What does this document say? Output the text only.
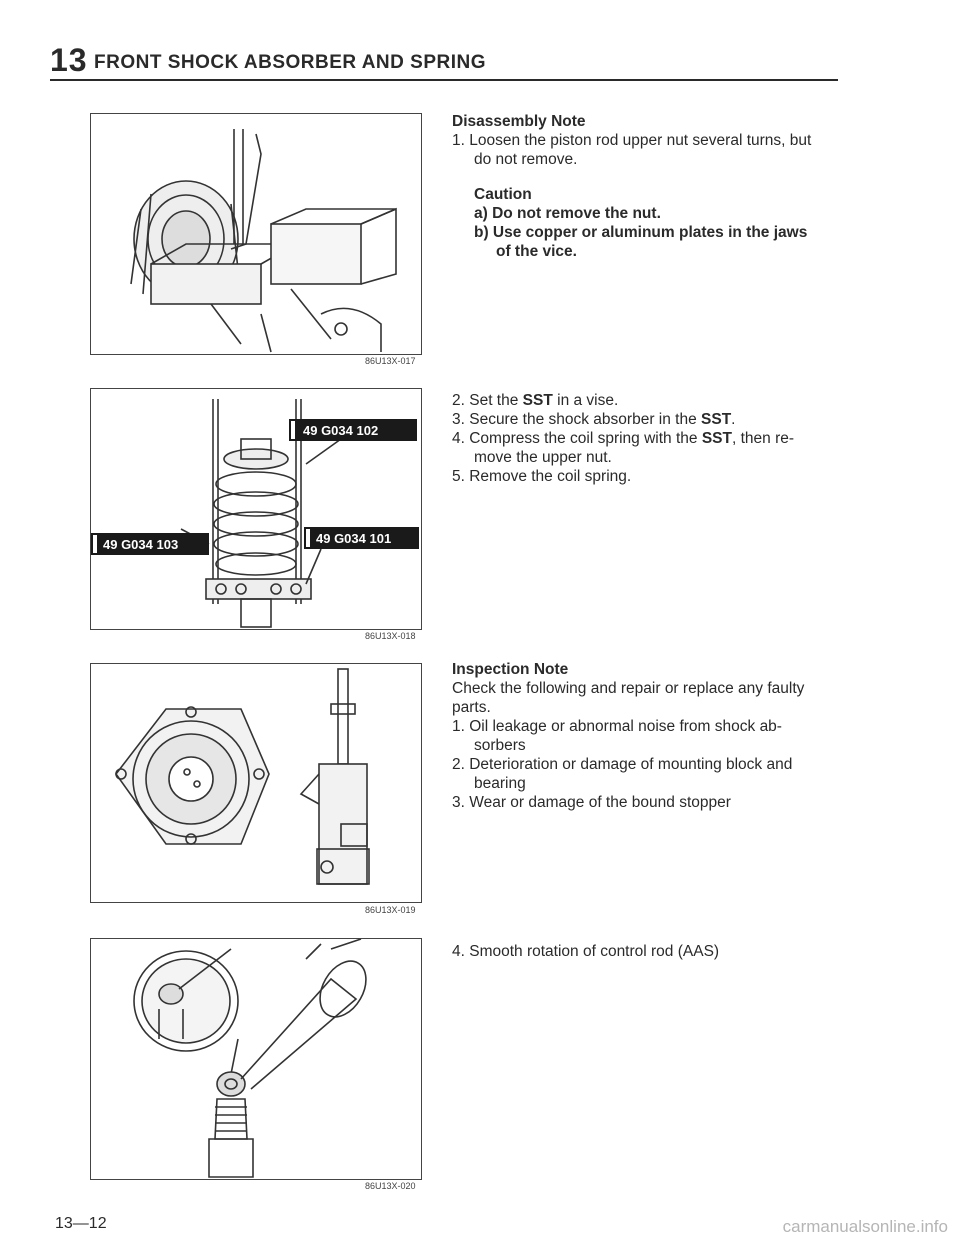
13 FRONT SHOCK ABSORBER AND SPRING
86U13X-017
49 G034 102
49 G034 103	49 G034 101
86U13X-018
86U13X-019
86U13X-020
Disassembly Note

1. Loosen the piston rod upper nut several turns, but

do not remove.

Caution
a) Do not remove the nut.
b) Use copper or aluminum plates in the jaws
of the vice.

2. Set the SST in a vise.

3. Secure the shock absorber in the SST.

4. Compress the coil spring with the SST, then re-

move the upper nut.

5. Remove the coil spring.

Inspection Note

Check the following and repair or replace any faulty

parts.

1. Oil leakage or abnormal noise from shock ab-

sorbers

2. Deterioration or damage of mounting block and

bearing

3. Wear or damage of the bound stopper

4. Smooth rotation of control rod (AAS)

13—12	carmanualsonline.info
